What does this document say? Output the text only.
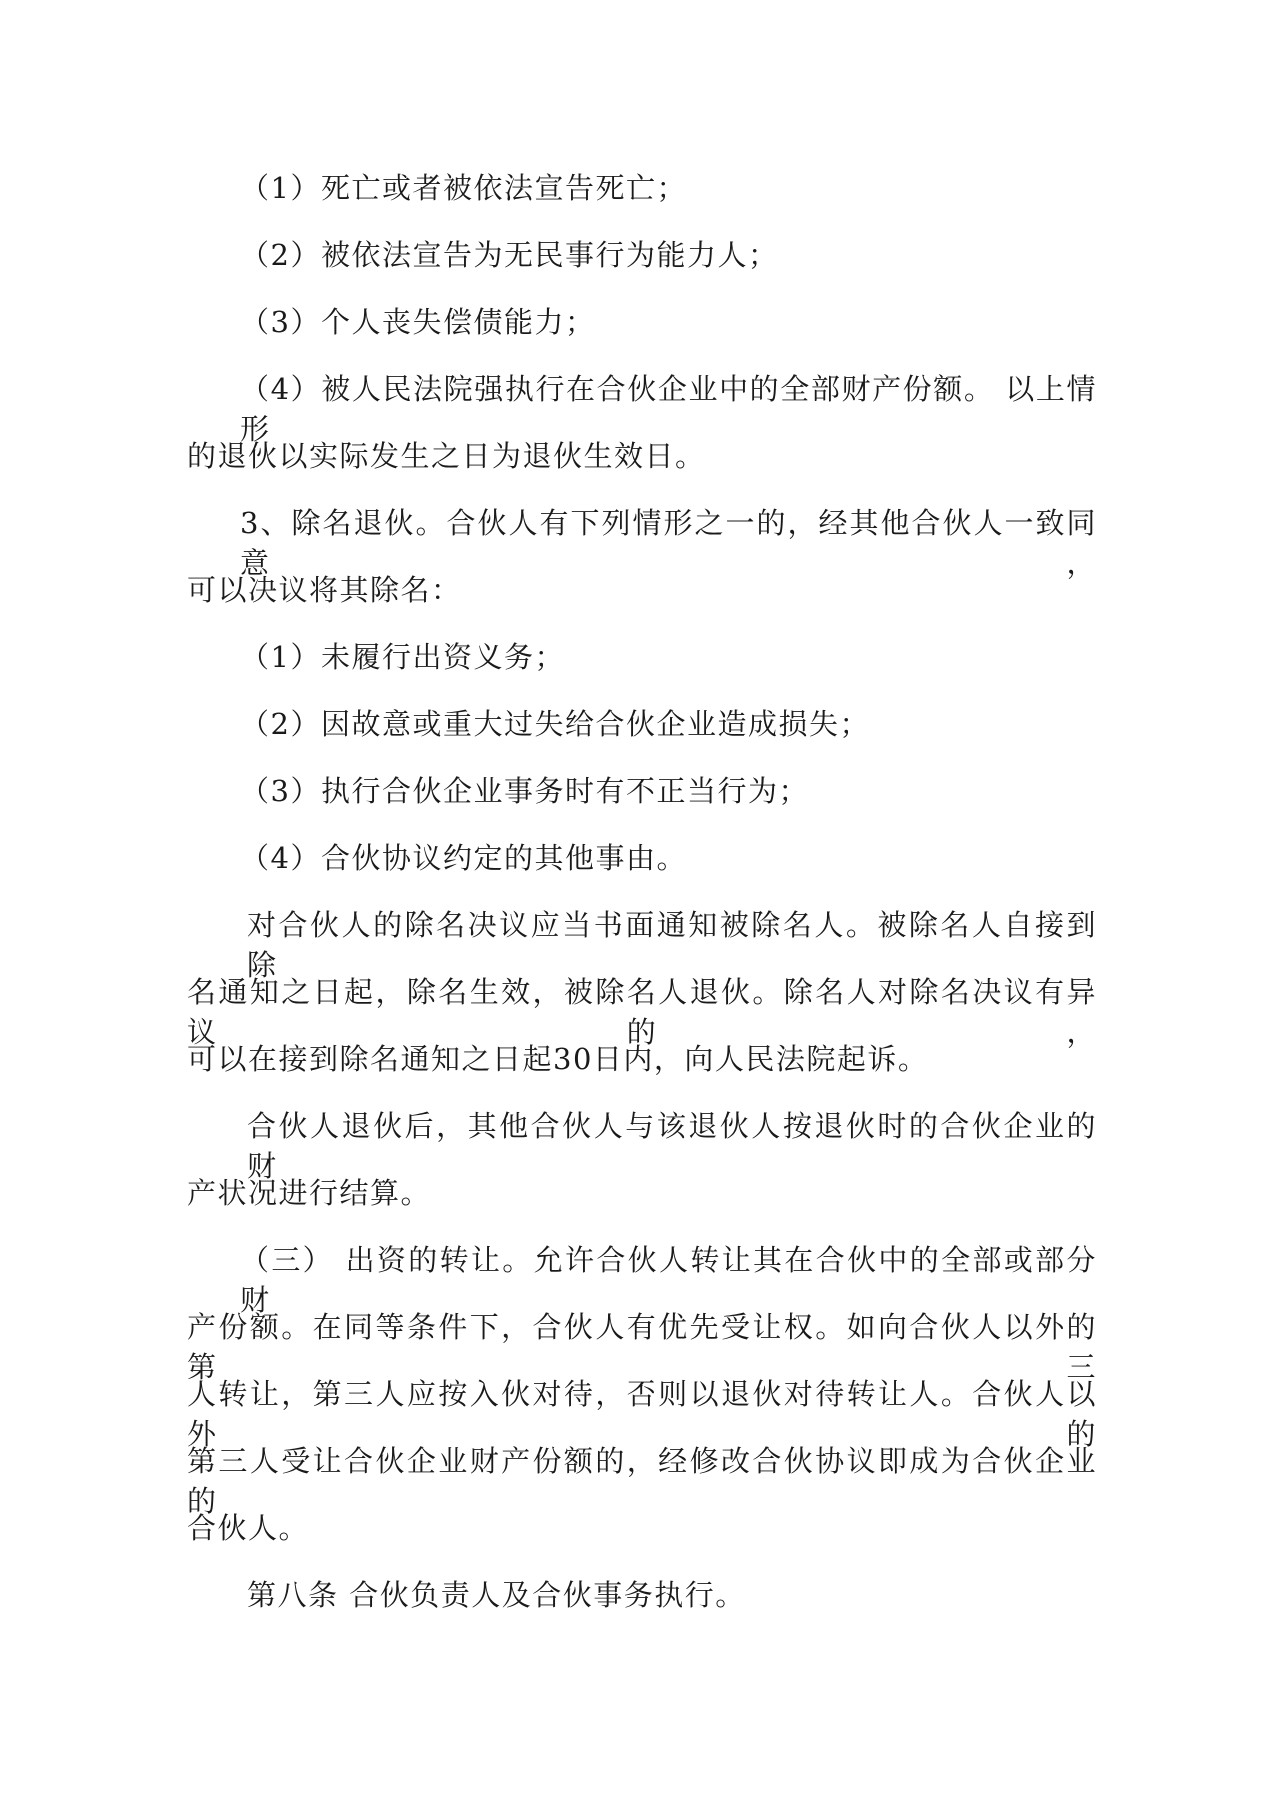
（1）死亡或者被依法宣告死亡；
（2）被依法宣告为无民事行为能力人；
（3）个人丧失偿债能力；
（4）被人民法院强执行在合伙企业中的全部财产份额。 以上情形
的退伙以实际发生之日为退伙生效日。
3、除名退伙。合伙人有下列情形之一的，经其他合伙人一致同意，
可以决议将其除名：
（1）未履行出资义务；
（2）因故意或重大过失给合伙企业造成损失；
（3）执行合伙企业事务时有不正当行为；
（4）合伙协议约定的其他事由。
对合伙人的除名决议应当书面通知被除名人。被除名人自接到除
名通知之日起，除名生效，被除名人退伙。除名人对除名决议有异议的，
可以在接到除名通知之日起30日内，向人民法院起诉。
合伙人退伙后，其他合伙人与该退伙人按退伙时的合伙企业的财
产状况进行结算。
（三） 出资的转让。允许合伙人转让其在合伙中的全部或部分财
产份额。在同等条件下，合伙人有优先受让权。如向合伙人以外的第三
人转让，第三人应按入伙对待，否则以退伙对待转让人。合伙人以外的
第三人受让合伙企业财产份额的，经修改合伙协议即成为合伙企业的
合伙人。
第八条 合伙负责人及合伙事务执行。
